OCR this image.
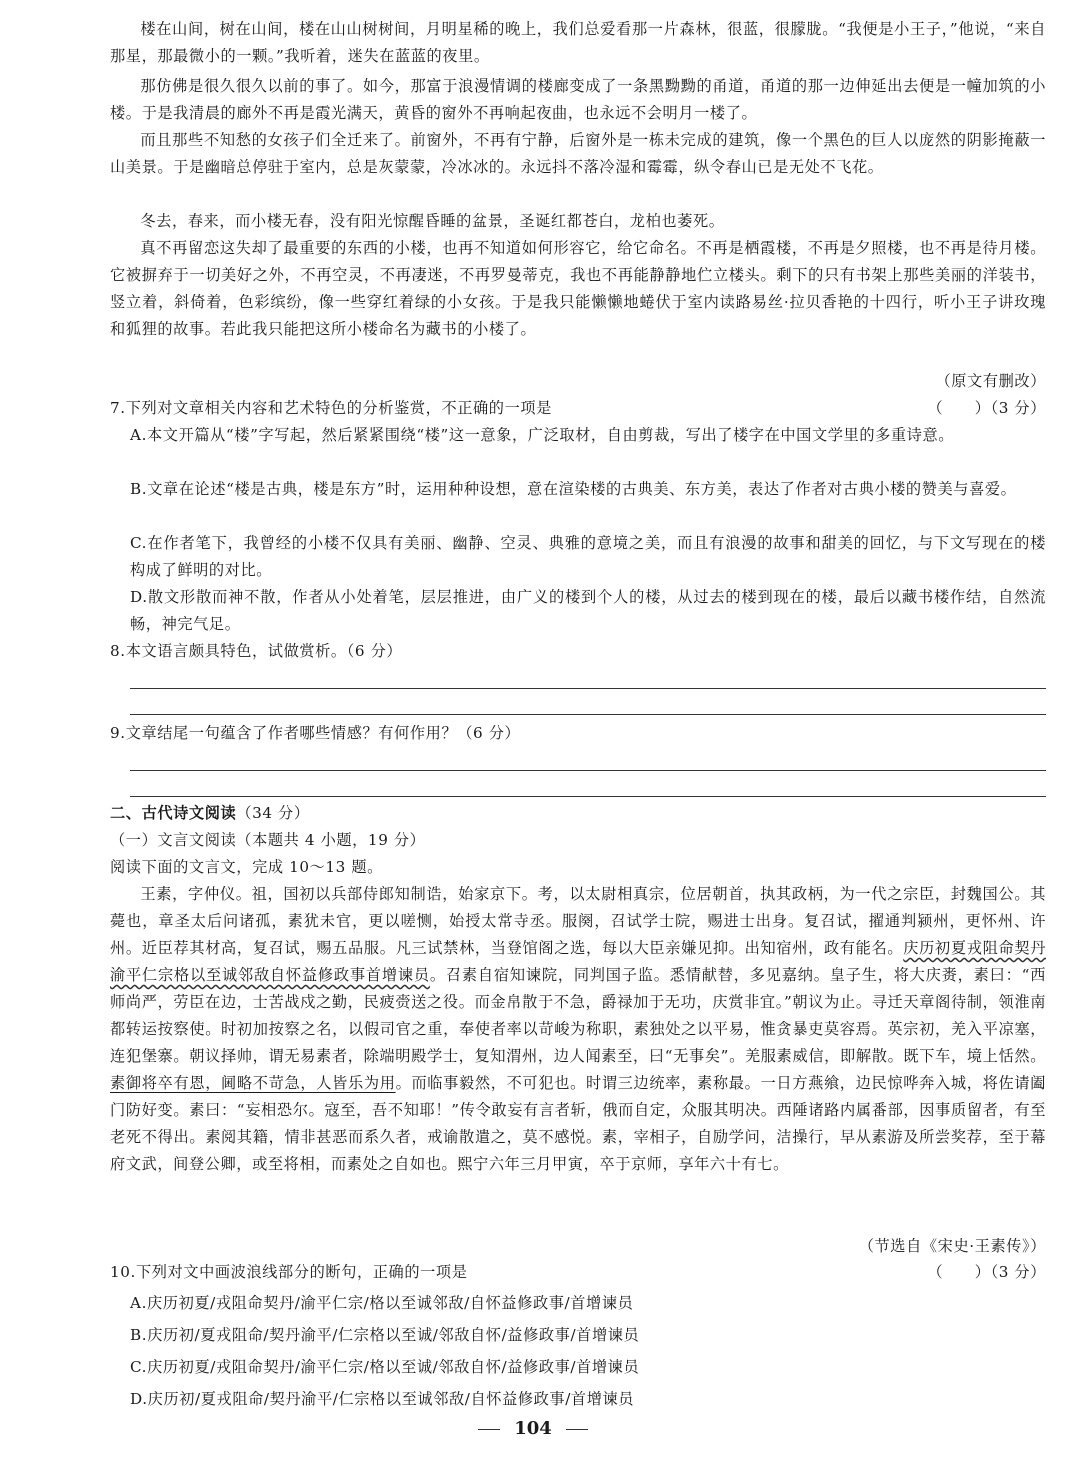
楼在山间，树在山间，楼在山山树树间，月明星稀的晚上，我们总爱看那一片森林，很蓝，很朦胧。“我便是小王子，”他说，“来自那星，那最微小的一颗。”我听着，迷失在蓝蓝的夜里。

那仿佛是很久很久以前的事了。如今，那富于浪漫情调的楼廊变成了一条黑黝黝的甬道，甬道的那一边伸延出去便是一幢加筑的小楼。于是我清晨的廊外不再是霞光满天，黄昏的窗外不再响起夜曲，也永远不会明月一楼了。

而且那些不知愁的女孩子们全迁来了。前窗外，不再有宁静，后窗外是一栋未完成的建筑，像一个黑色的巨人以庞然的阴影掩蔽一山美景。于是幽暗总停驻于室内，总是灰蒙蒙，冷冰冰的。永远抖不落冷湿和霉霉，纵令春山已是无处不飞花。

冬去，春来，而小楼无春，没有阳光惊醒昏睡的盆景，圣诞红都苍白，龙柏也萎死。

真不再留恋这失却了最重要的东西的小楼，也再不知道如何形容它，给它命名。不再是栖霞楼，不再是夕照楼，也不再是待月楼。它被摒弃于一切美好之外，不再空灵，不再凄迷，不再罗曼蒂克，我也不再能静静地伫立楼头。剩下的只有书架上那些美丽的洋装书，竖立着，斜倚着，色彩缤纷，像一些穿红着绿的小女孩。于是我只能懒懒地蜷伏于室内读路易丝·拉贝香艳的十四行，听小王子讲玫瑰和狐狸的故事。若此我只能把这所小楼命名为藏书的小楼了。

（原文有删改）

7.下列对文章相关内容和艺术特色的分析鉴赏，不正确的一项是	（　　）（3 分）
A.本文开篇从“楼”字写起，然后紧紧围绕“楼”这一意象，广泛取材，自由剪裁，写出了楼字在中国文学里的多重诗意。
B.文章在论述“楼是古典，楼是东方”时，运用种种设想，意在渲染楼的古典美、东方美，表达了作者对古典小楼的赞美与喜爱。
C.在作者笔下，我曾经的小楼不仅具有美丽、幽静、空灵、典雅的意境之美，而且有浪漫的故事和甜美的回忆，与下文写现在的楼构成了鲜明的对比。
D.散文形散而神不散，作者从小处着笔，层层推进，由广义的楼到个人的楼，从过去的楼到现在的楼，最后以藏书楼作结，自然流畅，神完气足。
8.本文语言颇具特色，试做赏析。（6 分）
9.文章结尾一句蕴含了作者哪些情感？有何作用？（6 分）
二、古代诗文阅读（34 分）
（一）文言文阅读（本题共 4 小题，19 分）
阅读下面的文言文，完成 10～13 题。

王素，字仲仪。祖，国初以兵部侍郎知制诰，始家京下。考，以太尉相真宗，位居朝首，执其政柄，为一代之宗臣，封魏国公。其薨也，章圣太后问诸孤，素犹未官，更以嗟恻，始授太常寺丞。服阕，召试学士院，赐进士出身。复召试，擢通判颍州，更怀州、许州。近臣荐其材高，复召试，赐五品服。凡三试禁林，当登馆阁之选，每以大臣亲嫌见抑。出知宿州，政有能名。庆历初夏戎阻命契丹渝平仁宗格以至诚邻敌自怀益修政事首增谏员。召素自宿知谏院，同判国子监。悉情献替，多见嘉纳。皇子生，将大庆赉，素曰：“西师尚严，劳臣在边，士苦战戍之勤，民疲赍送之役。而金帛散于不急，爵禄加于无功，庆赏非宜。”朝议为止。寻迁天章阁待制，领淮南都转运按察使。时初加按察之名，以假司官之重，奉使者率以苛峻为称职，素独处之以平易，惟贪暴吏莫容焉。英宗初，羌入平凉塞，连犯堡寨。朝议择帅，谓无易素者，除端明殿学士，复知渭州，边人闻素至，曰“无事矣”。羌服素威信，即解散。既下车，境上恬然。素御将卒有恩，阃略不苛急，人皆乐为用。而临事毅然，不可犯也。时谓三边统率，素称最。一日方燕飨，边民惊哗奔入城，将佐请阖门防好变。素曰：“妄相恐尔。寇至，吾不知耶！”传令敢妄有言者斩，俄而自定，众服其明决。西陲诸路内属番部，因事质留者，有至老死不得出。素阅其籍，情非甚恶而系久者，戒谕散遣之，莫不感悦。素，宰相子，自励学问，洁操行，早从素游及所尝奖荐，至于幕府文武，间登公卿，或至将相，而素处之自如也。熙宁六年三月甲寅，卒于京师，享年六十有七。

（节选自《宋史·王素传》）

10.下列对文中画波浪线部分的断句，正确的一项是	（　　）（3 分）
A.庆历初夏/戎阻命契丹/渝平仁宗/格以至诚邻敌/自怀益修政事/首增谏员
B.庆历初/夏戎阻命/契丹渝平/仁宗格以至诚/邻敌自怀/益修政事/首增谏员
C.庆历初夏/戎阻命契丹/渝平仁宗/格以至诚/邻敌自怀/益修政事/首增谏员
D.庆历初/夏戎阻命/契丹渝平/仁宗格以至诚邻敌/自怀益修政事/首增谏员
104
